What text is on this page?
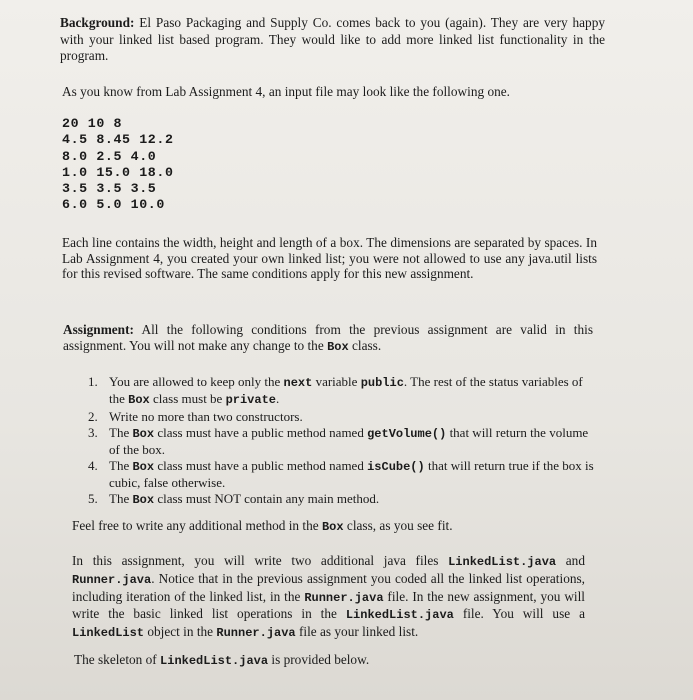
Background: El Paso Packaging and Supply Co. comes back to you (again). They are very happy with your linked list based program. They would like to add more linked list functionality in the program.
As you know from Lab Assignment 4, an input file may look like the following one.
20 10 8
4.5 8.45 12.2
8.0 2.5 4.0
1.0 15.0 18.0
3.5 3.5 3.5
6.0 5.0 10.0
Each line contains the width, height and length of a box. The dimensions are separated by spaces. In Lab Assignment 4, you created your own linked list; you were not allowed to use any java.util lists for this revised software. The same conditions apply for this new assignment.
Assignment: All the following conditions from the previous assignment are valid in this assignment. You will not make any change to the Box class.
1. You are allowed to keep only the next variable public. The rest of the status variables of the Box class must be private.
2. Write no more than two constructors.
3. The Box class must have a public method named getVolume() that will return the volume of the box.
4. The Box class must have a public method named isCube() that will return true if the box is cubic, false otherwise.
5. The Box class must NOT contain any main method.
Feel free to write any additional method in the Box class, as you see fit.
In this assignment, you will write two additional java files LinkedList.java and Runner.java. Notice that in the previous assignment you coded all the linked list operations, including iteration of the linked list, in the Runner.java file. In the new assignment, you will write the basic linked list operations in the LinkedList.java file. You will use a LinkedList object in the Runner.java file as your linked list.
The skeleton of LinkedList.java is provided below.
